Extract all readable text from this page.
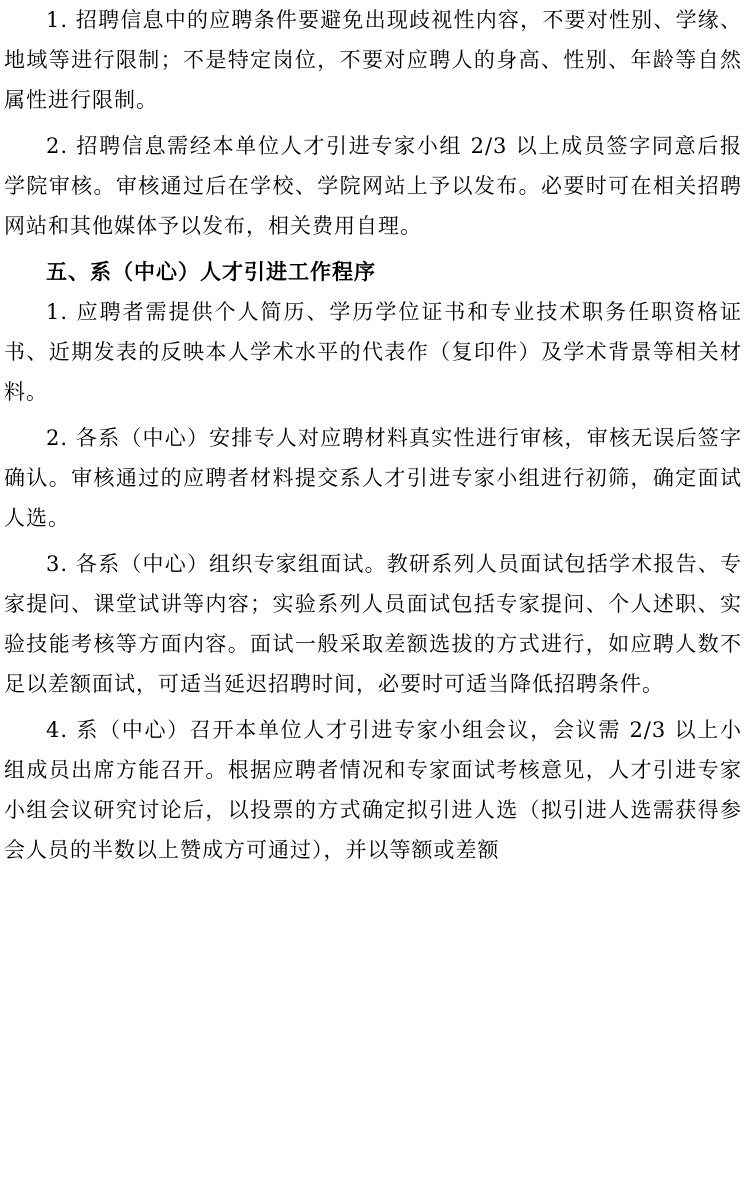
1. 招聘信息中的应聘条件要避免出现歧视性内容，不要对性别、学缘、地域等进行限制；不是特定岗位，不要对应聘人的身高、性别、年龄等自然属性进行限制。

2. 招聘信息需经本单位人才引进专家小组 2/3 以上成员签字同意后报学院审核。审核通过后在学校、学院网站上予以发布。必要时可在相关招聘网站和其他媒体予以发布，相关费用自理。

五、系（中心）人才引进工作程序

1. 应聘者需提供个人简历、学历学位证书和专业技术职务任职资格证书、近期发表的反映本人学术水平的代表作（复印件）及学术背景等相关材料。

2. 各系（中心）安排专人对应聘材料真实性进行审核，审核无误后签字确认。审核通过的应聘者材料提交系人才引进专家小组进行初筛，确定面试人选。

3. 各系（中心）组织专家组面试。教研系列人员面试包括学术报告、专家提问、课堂试讲等内容；实验系列人员面试包括专家提问、个人述职、实验技能考核等方面内容。面试一般采取差额选拔的方式进行，如应聘人数不足以差额面试，可适当延迟招聘时间，必要时可适当降低招聘条件。

4. 系（中心）召开本单位人才引进专家小组会议，会议需 2/3 以上小组成员出席方能召开。根据应聘者情况和专家面试考核意见，人才引进专家小组会议研究讨论后，以投票的方式确定拟引进人选（拟引进人选需获得参会人员的半数以上赞成方可通过），并以等额或差额
